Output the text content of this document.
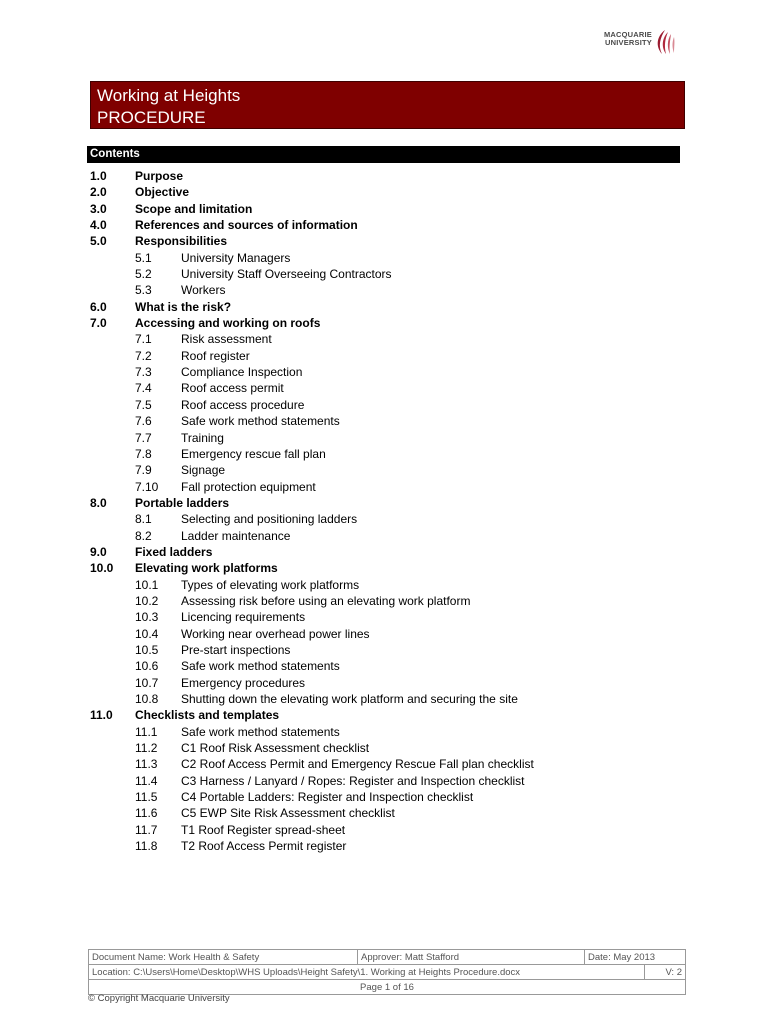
MACQUARIE
UNIVERSITY
Working at Heights
PROCEDURE
Contents
1.0 Purpose
2.0 Objective
3.0 Scope and limitation
4.0 References and sources of information
5.0 Responsibilities
5.1 University Managers
5.2 University Staff Overseeing Contractors
5.3 Workers
6.0 What is the risk?
7.0 Accessing and working on roofs
7.1 Risk assessment
7.2 Roof register
7.3 Compliance Inspection
7.4 Roof access permit
7.5 Roof access procedure
7.6 Safe work method statements
7.7 Training
7.8 Emergency rescue fall plan
7.9 Signage
7.10 Fall protection equipment
8.0 Portable ladders
8.1 Selecting and positioning ladders
8.2 Ladder maintenance
9.0 Fixed ladders
10.0 Elevating work platforms
10.1 Types of elevating work platforms
10.2 Assessing risk before using an elevating work platform
10.3 Licencing requirements
10.4 Working near overhead power lines
10.5 Pre-start inspections
10.6 Safe work method statements
10.7 Emergency procedures
10.8 Shutting down the elevating work platform and securing the site
11.0 Checklists and templates
11.1 Safe work method statements
11.2 C1 Roof Risk Assessment checklist
11.3 C2 Roof Access Permit and Emergency Rescue Fall plan checklist
11.4 C3 Harness / Lanyard / Ropes: Register and Inspection checklist
11.5 C4 Portable Ladders: Register and Inspection checklist
11.6 C5 EWP Site Risk Assessment checklist
11.7 T1 Roof Register spread-sheet
11.8 T2 Roof Access Permit register
Document Name: Work Health & Safety	Approver: Matt Stafford	Date: May 2013	
Location: C:\Users\Home\Desktop\WHS Uploads\Height Safety\1. Working at Heights Procedure.docx			V: 2
Page 1 of 16			
© Copyright Macquarie University
